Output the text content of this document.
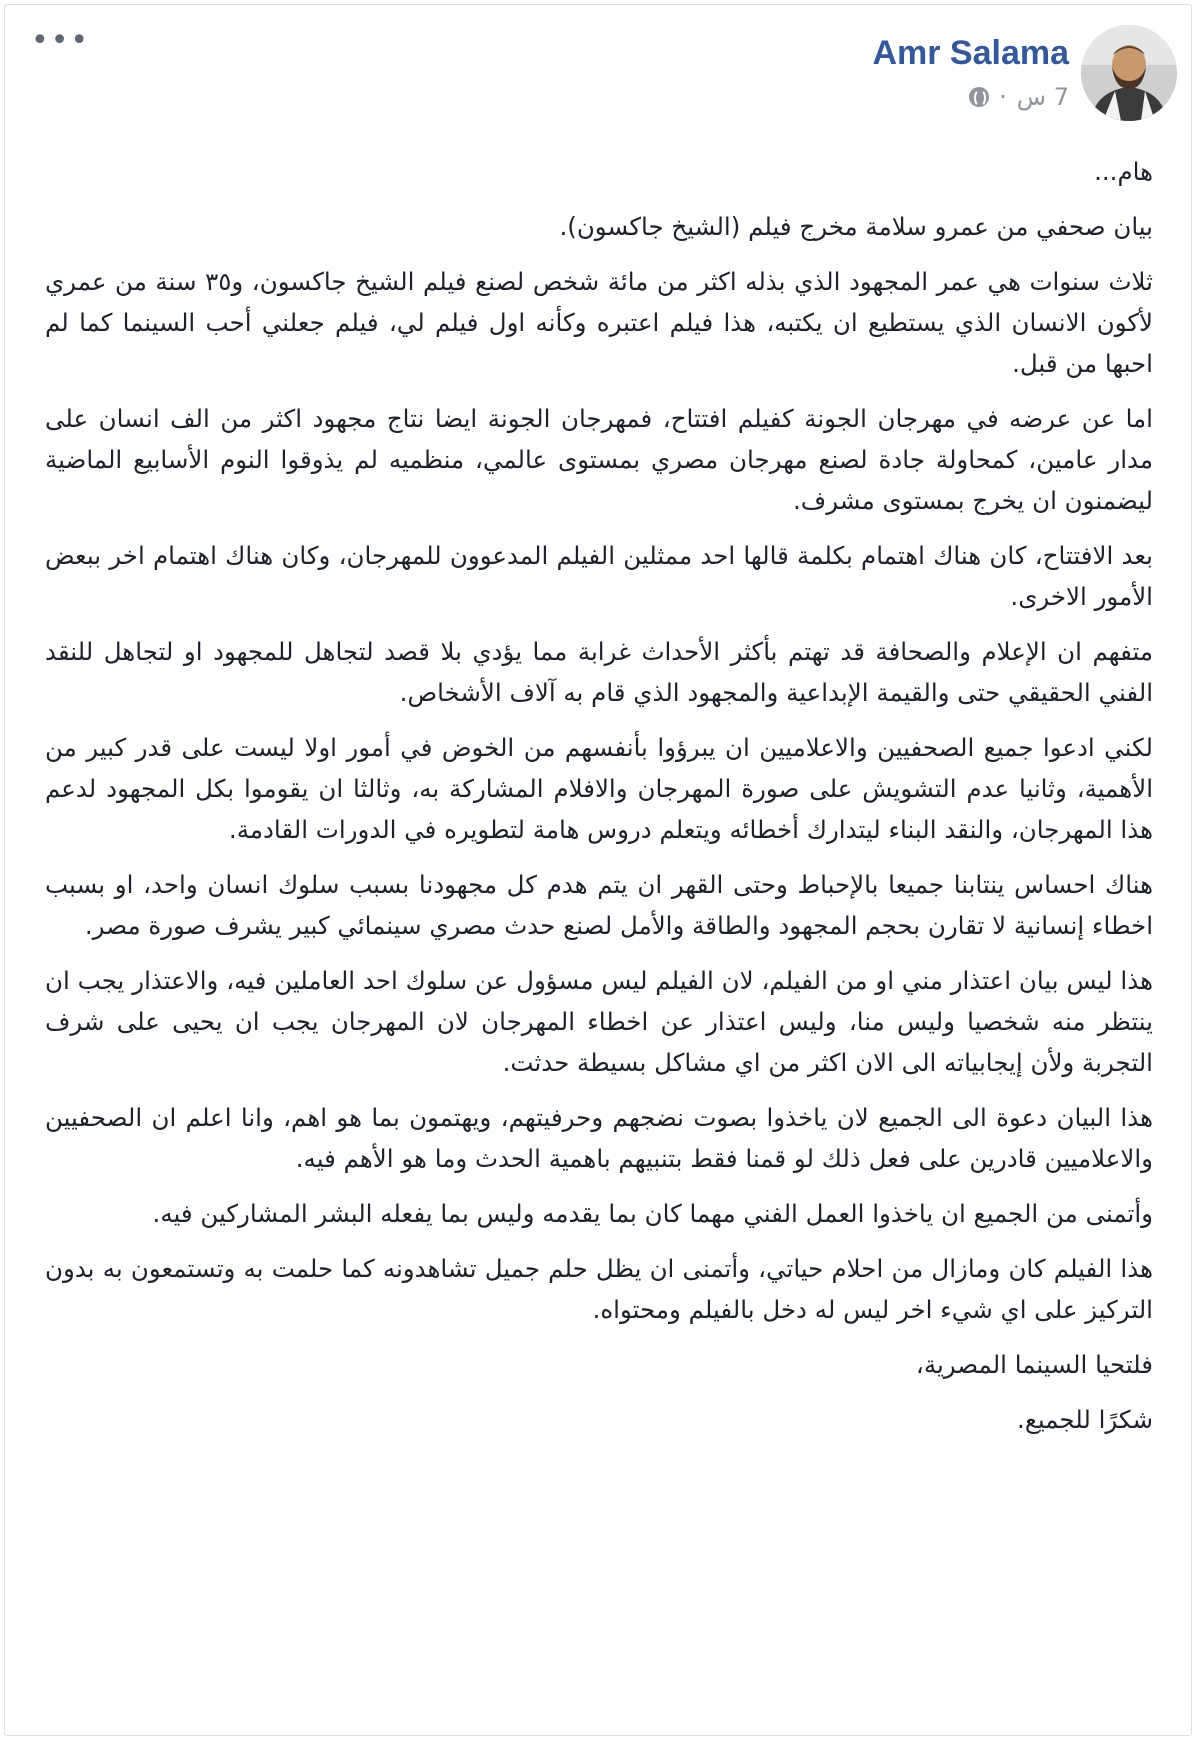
•••	Amr Salama
7 س
·

هام...

بيان صحفي من عمرو سلامة مخرج فيلم (الشيخ جاكسون).

ثلاث سنوات هي عمر المجهود الذي بذله اكثر من مائة شخص لصنع فيلم الشيخ جاكسون، و٣٥ سنة من عمري لأكون الانسان الذي يستطيع ان يكتبه، هذا فيلم اعتبره وكأنه اول فيلم لي، فيلم جعلني أحب السينما كما لم احبها من قبل.

اما عن عرضه في مهرجان الجونة كفيلم افتتاح، فمهرجان الجونة ايضا نتاج مجهود اكثر من الف انسان على مدار عامين، كمحاولة جادة لصنع مهرجان مصري بمستوى عالمي، منظميه لم يذوقوا النوم الأسابيع الماضية ليضمنون ان يخرج بمستوى مشرف.

بعد الافتتاح، كان هناك اهتمام بكلمة قالها احد ممثلين الفيلم المدعوون للمهرجان، وكان هناك اهتمام اخر ببعض الأمور الاخرى.

متفهم ان الإعلام والصحافة قد تهتم بأكثر الأحداث غرابة مما يؤدي بلا قصد لتجاهل للمجهود او لتجاهل للنقد الفني الحقيقي حتى والقيمة الإبداعية والمجهود الذي قام به آلاف الأشخاص.

لكني ادعوا جميع الصحفيين والاعلاميين ان يبرؤوا بأنفسهم من الخوض في أمور اولا ليست على قدر كبير من الأهمية، وثانيا عدم التشويش على صورة المهرجان والافلام المشاركة به، وثالثا ان يقوموا بكل المجهود لدعم هذا المهرجان، والنقد البناء ليتدارك أخطائه ويتعلم دروس هامة لتطويره في الدورات القادمة.

هناك احساس ينتابنا جميعا بالإحباط وحتى القهر ان يتم هدم كل مجهودنا بسبب سلوك انسان واحد، او بسبب اخطاء إنسانية لا تقارن بحجم المجهود والطاقة والأمل لصنع حدث مصري سينمائي كبير يشرف صورة مصر.

هذا ليس بيان اعتذار مني او من الفيلم، لان الفيلم ليس مسؤول عن سلوك احد العاملين فيه، والاعتذار يجب ان ينتظر منه شخصيا وليس منا، وليس اعتذار عن اخطاء المهرجان لان المهرجان يجب ان يحيى على شرف التجربة ولأن إيجابياته الى الان اكثر من اي مشاكل بسيطة حدثت.

هذا البيان دعوة الى الجميع لان ياخذوا بصوت نضجهم وحرفيتهم، ويهتمون بما هو اهم، وانا اعلم ان الصحفيين والاعلاميين قادرين على فعل ذلك لو قمنا فقط بتنبيهم باهمية الحدث وما هو الأهم فيه.

وأتمنى من الجميع ان ياخذوا العمل الفني مهما كان بما يقدمه وليس بما يفعله البشر المشاركين فيه.

هذا الفيلم كان ومازال من احلام حياتي، وأتمنى ان يظل حلم جميل تشاهدونه كما حلمت به وتستمعون به بدون التركيز على اي شيء اخر ليس له دخل بالفيلم ومحتواه.

فلتحيا السينما المصرية،

شكرًا للجميع.
